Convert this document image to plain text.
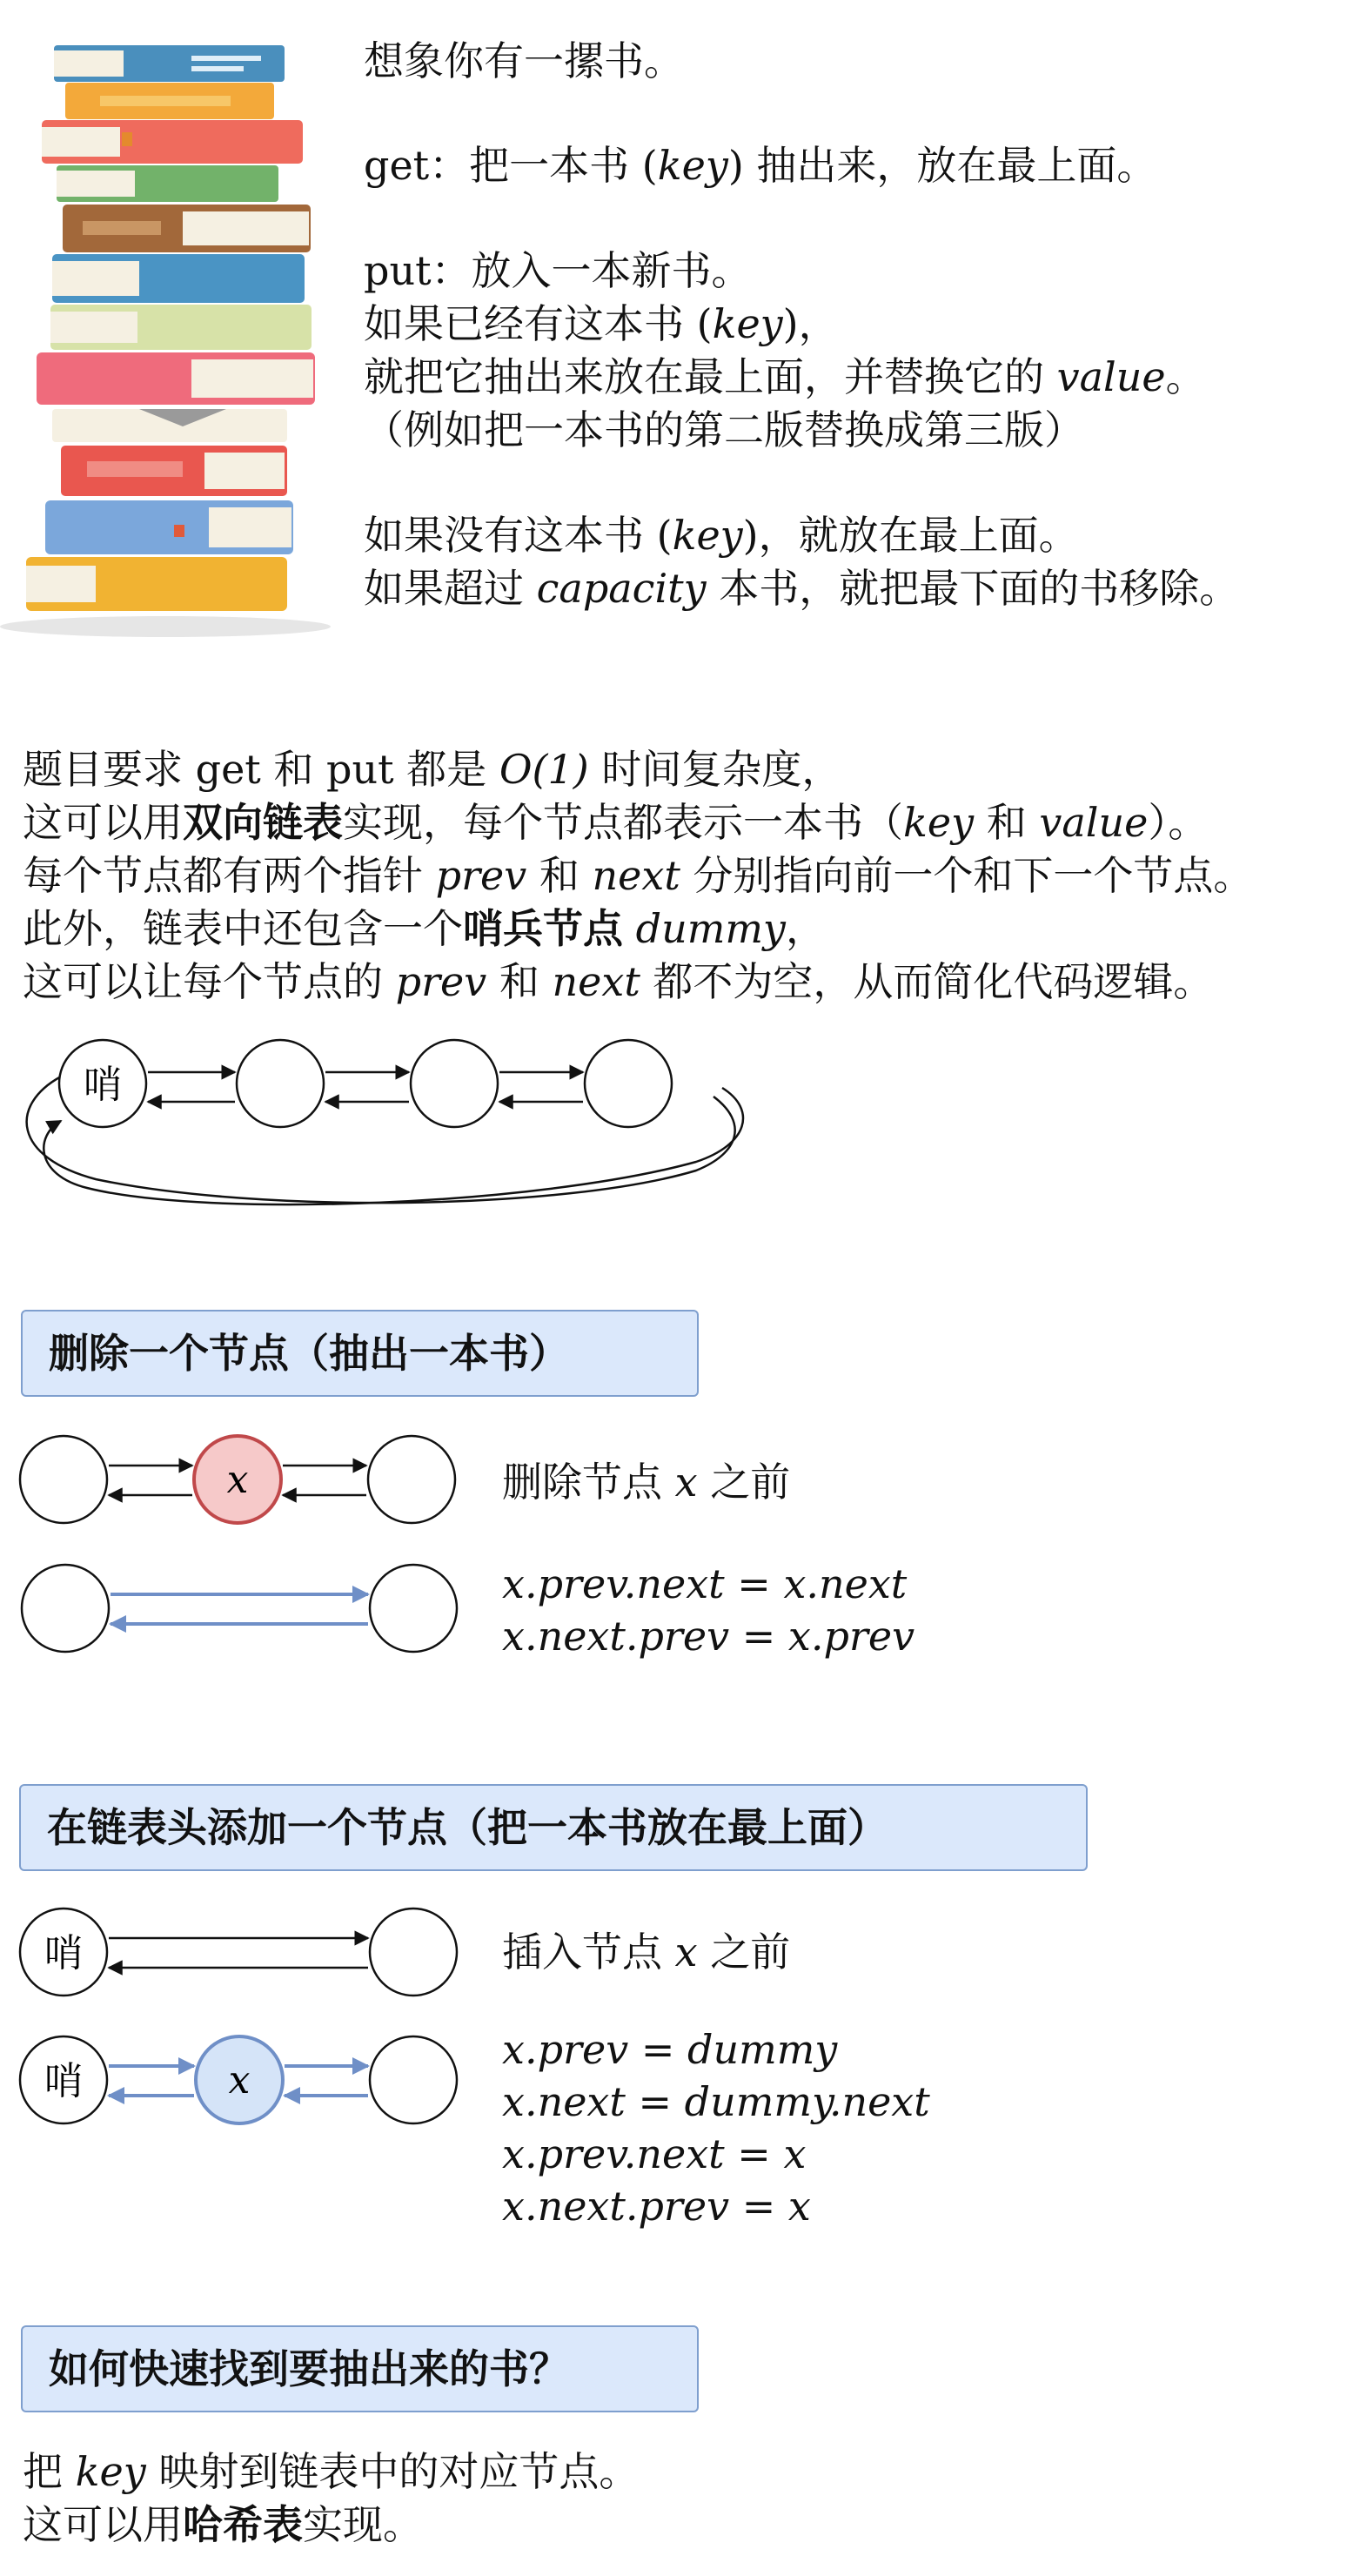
想象你有一摞书。
get：把一本书 (key) 抽出来，放在最上面。
put：放入一本新书。
如果已经有这本书 (key)，
就把它抽出来放在最上面，并替换它的 value。
（例如把一本书的第二版替换成第三版）
如果没有这本书 (key)，就放在最上面。
如果超过 capacity 本书，就把最下面的书移除。
题目要求 get 和 put 都是 O(1) 时间复杂度，
这可以用双向链表实现，每个节点都表示一本书（key 和 value）。
每个节点都有两个指针 prev 和 next 分别指向前一个和下一个节点。
此外，链表中还包含一个哨兵节点 dummy，
这可以让每个节点的 prev 和 next 都不为空，从而简化代码逻辑。
哨
x
哨
哨	x
删除一个节点（抽出一本书）
删除节点 x 之前
x.prev.next = x.next
x.next.prev = x.prev
在链表头添加一个节点（把一本书放在最上面）
插入节点 x 之前
x.prev = dummy
x.next = dummy.next
x.prev.next = x
x.next.prev = x
如何快速找到要抽出来的书？
把 key 映射到链表中的对应节点。
这可以用哈希表实现。
